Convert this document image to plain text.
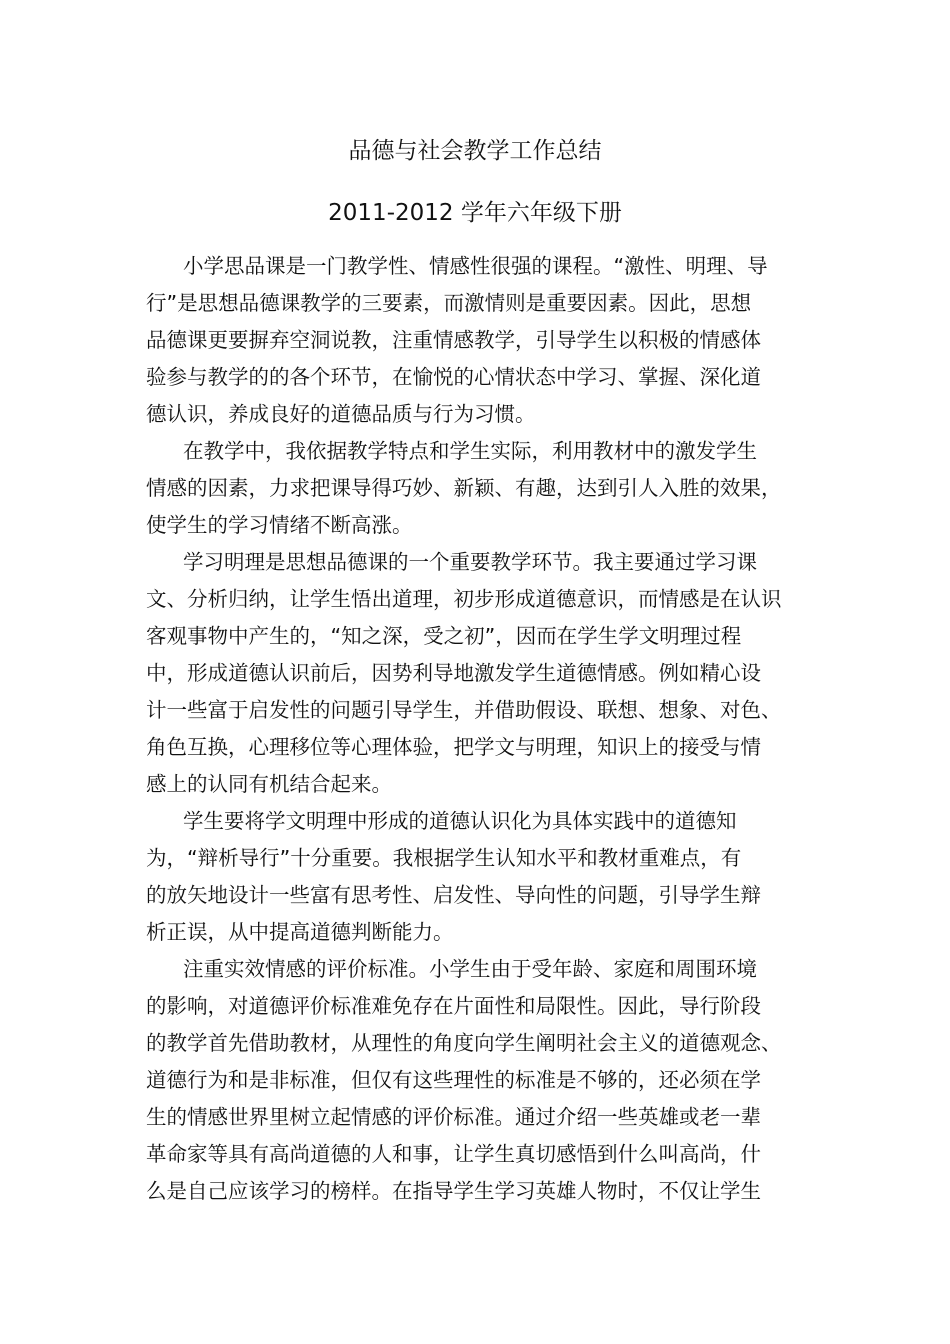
品德与社会教学工作总结
2011-2012 学年六年级下册
小学思品课是一门教学性、情感性很强的课程。“激性、明理、导
行”是思想品德课教学的三要素，而激情则是重要因素。因此，思想
品德课更要摒弃空洞说教，注重情感教学，引导学生以积极的情感体
验参与教学的的各个环节，在愉悦的心情状态中学习、掌握、深化道
德认识，养成良好的道德品质与行为习惯。
在教学中，我依据教学特点和学生实际，利用教材中的激发学生
情感的因素，力求把课导得巧妙、新颖、有趣，达到引人入胜的效果，
使学生的学习情绪不断高涨。
学习明理是思想品德课的一个重要教学环节。我主要通过学习课
文、分析归纳，让学生悟出道理，初步形成道德意识，而情感是在认识
客观事物中产生的，“知之深，受之初”，因而在学生学文明理过程
中，形成道德认识前后，因势利导地激发学生道德情感。例如精心设
计一些富于启发性的问题引导学生，并借助假设、联想、想象、对色、
角色互换，心理移位等心理体验，把学文与明理，知识上的接受与情
感上的认同有机结合起来。
学生要将学文明理中形成的道德认识化为具体实践中的道德知
为，“辩析导行”十分重要。我根据学生认知水平和教材重难点，有
的放矢地设计一些富有思考性、启发性、导向性的问题，引导学生辩
析正误，从中提高道德判断能力。
注重实效情感的评价标准。小学生由于受年龄、家庭和周围环境
的影响，对道德评价标准难免存在片面性和局限性。因此，导行阶段
的教学首先借助教材，从理性的角度向学生阐明社会主义的道德观念、
道德行为和是非标准，但仅有这些理性的标准是不够的，还必须在学
生的情感世界里树立起情感的评价标准。通过介绍一些英雄或老一辈
革命家等具有高尚道德的人和事，让学生真切感悟到什么叫高尚，什
么是自己应该学习的榜样。在指导学生学习英雄人物时，不仅让学生
